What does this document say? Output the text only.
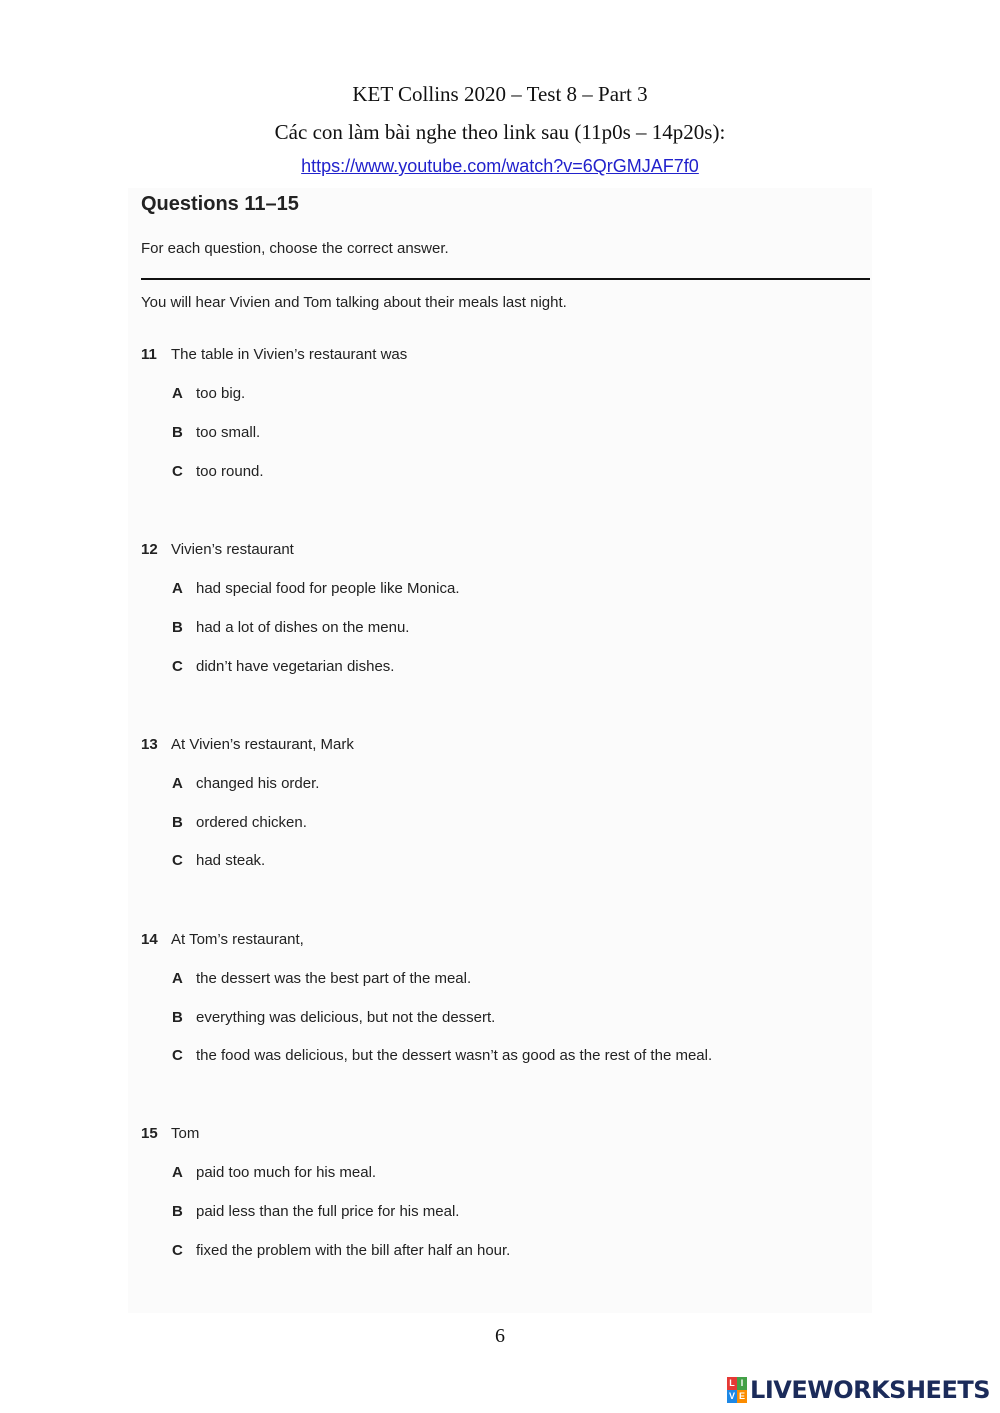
KET Collins 2020 – Test 8 – Part 3
Các con làm bài nghe theo link sau (11p0s – 14p20s):
https://www.youtube.com/watch?v=6QrGMJAF7f0
Questions 11–15
For each question, choose the correct answer.
You will hear Vivien and Tom talking about their meals last night.
11 The table in Vivien’s restaurant was
A too big.
B too small.
C too round.
12 Vivien’s restaurant
A had special food for people like Monica.
B had a lot of dishes on the menu.
C didn’t have vegetarian dishes.
13 At Vivien’s restaurant, Mark
A changed his order.
B ordered chicken.
C had steak.
14 At Tom’s restaurant,
A the dessert was the best part of the meal.
B everything was delicious, but not the dessert.
C the food was delicious, but the dessert wasn’t as good as the rest of the meal.
15 Tom
A paid too much for his meal.
B paid less than the full price for his meal.
C fixed the problem with the bill after half an hour.
6
L I
V E LIVEWORKSHEETS
